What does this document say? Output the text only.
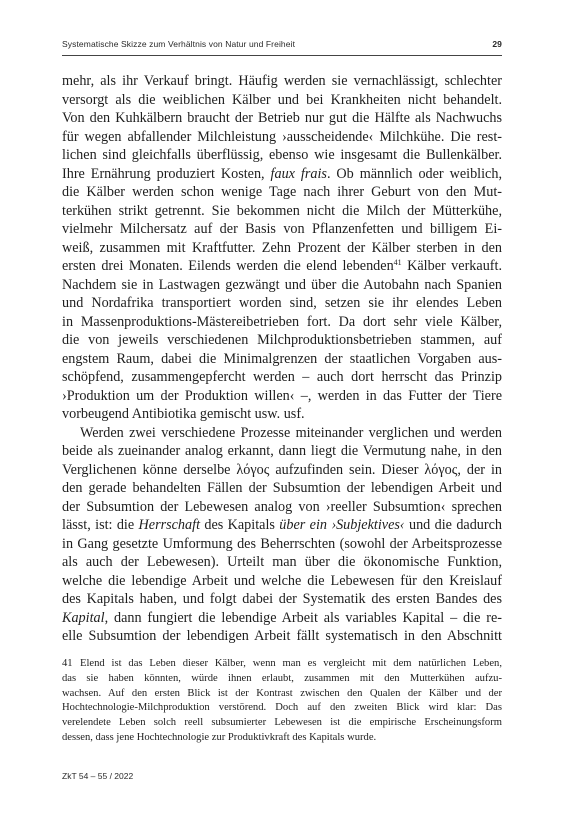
Systematische Skizze zum Verhältnis von Natur und Freiheit	29
mehr, als ihr Verkauf bringt. Häufig werden sie vernachlässigt, schlechter
versorgt als die weiblichen Kälber und bei Krankheiten nicht behandelt.
Von den Kuhkälbern braucht der Betrieb nur gut die Hälfte als Nachwuchs
für wegen abfallender Milchleistung ›ausscheidende‹ Milchkühe. Die rest-
lichen sind gleichfalls überflüssig, ebenso wie insgesamt die Bullenkälber.
Ihre Ernährung produziert Kosten, faux frais. Ob männlich oder weiblich,
die Kälber werden schon wenige Tage nach ihrer Geburt von den Mut-
terkühen strikt getrennt. Sie bekommen nicht die Milch der Mütterkühe,
vielmehr Milchersatz auf der Basis von Pflanzenfetten und billigem Ei-
weiß, zusammen mit Kraftfutter. Zehn Prozent der Kälber sterben in den
ersten drei Monaten. Eilends werden die elend lebenden$^{41}$ Kälber verkauft.
Nachdem sie in Lastwagen gezwängt und über die Autobahn nach Spanien
und Nordafrika transportiert worden sind, setzen sie ihr elendes Leben
in Massenproduktions-Mästereibetrieben fort. Da dort sehr viele Kälber,
die von jeweils verschiedenen Milchproduktionsbetrieben stammen, auf
engstem Raum, dabei die Minimalgrenzen der staatlichen Vorgaben aus-
schöpfend, zusammengepfercht werden – auch dort herrscht das Prinzip
›Produktion um der Produktion willen‹ –, werden in das Futter der Tiere
vorbeugend Antibiotika gemischt usw. usf.
Werden zwei verschiedene Prozesse miteinander verglichen und werden
beide als zueinander analog erkannt, dann liegt die Vermutung nahe, in den
Verglichenen könne derselbe λόγος aufzufinden sein. Dieser λόγος, der in
den gerade behandelten Fällen der Subsumtion der lebendigen Arbeit und
der Subsumtion der Lebewesen analog von ›reeller Subsumtion‹ sprechen
lässt, ist: die Herrschaft des Kapitals über ein ›Subjektives‹ und die dadurch
in Gang gesetzte Umformung des Beherrschten (sowohl der Arbeitsprozesse
als auch der Lebewesen). Urteilt man über die ökonomische Funktion,
welche die lebendige Arbeit und welche die Lebewesen für den Kreislauf
des Kapitals haben, und folgt dabei der Systematik des ersten Bandes des
Kapital, dann fungiert die lebendige Arbeit als variables Kapital – die re-
elle Subsumtion der lebendigen Arbeit fällt systematisch in den Abschnitt
41 Elend ist das Leben dieser Kälber, wenn man es vergleicht mit dem natürlichen Leben,
das sie haben könnten, würde ihnen erlaubt, zusammen mit den Mutterkühen aufzu-
wachsen. Auf den ersten Blick ist der Kontrast zwischen den Qualen der Kälber und der
Hochtechnologie-Milchproduktion verstörend. Doch auf den zweiten Blick wird klar: Das
verelendete Leben solch reell subsumierter Lebewesen ist die empirische Erscheinungsform
dessen, dass jene Hochtechnologie zur Produktivkraft des Kapitals wurde.
ZkT 54 – 55 / 2022
